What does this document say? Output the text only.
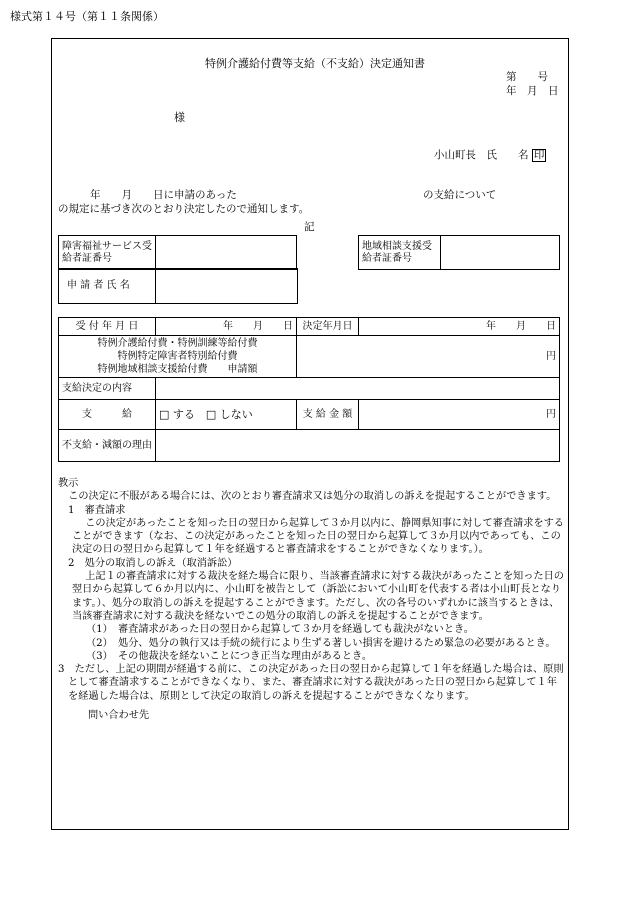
様式第１４号（第１１条関係）
特例介護給付費等支給（不支給）決定通知書
第　　号
年　月　日
様
小山町長　氏　　名 印
年　　月　　日に申請のあった	の支給について
の規定に基づき次のとおり決定したので通知します。
記
障害福祉サービス受給者証番号	
		地域相談支援受給者証番号	
申 請 者 氏 名	
受 付 年 月 日	年　　月　　日	決定年月日	年　　月　　日

特例介護給付費・特例訓練等給付費
特例特定障害者特別給付費
特例地域相談支援給付費　　申請額		円	
支給決定の内容			
支　　　給	□ する　□ しない	支 給 金 額	円
不支給・減額の理由			

教示

この決定に不服がある場合には、次のとおり審査請求又は処分の取消しの訴えを提起することができます。

1　審査請求

この決定があったことを知った日の翌日から起算して３か月以内に、静岡県知事に対して審査請求をすることができます（なお、この決定があったことを知った日の翌日から起算して３か月以内であっても、この決定の日の翌日から起算して１年を経過すると審査請求をすることができなくなります。）。

2　処分の取消しの訴え（取消訴訟）

上記１の審査請求に対する裁決を経た場合に限り、当該審査請求に対する裁決があったことを知った日の翌日から起算して６か月以内に、小山町を被告として（訴訟において小山町を代表する者は小山町長となります。）、処分の取消しの訴えを提起することができます。ただし、次の各号のいずれかに該当するときは、当該審査請求に対する裁決を経ないでこの処分の取消しの訴えを提起することができます。

（1）　審査請求があった日の翌日から起算して３か月を経過しても裁決がないとき。

（2）　処分、処分の執行又は手続の続行により生ずる著しい損害を避けるため緊急の必要があるとき。

（3）　その他裁決を経ないことにつき正当な理由があるとき。

3　ただし、上記の期間が経過する前に、この決定があった日の翌日から起算して１年を経過した場合は、原則として審査請求することができなくなり、また、審査請求に対する裁決があった日の翌日から起算して１年を経過した場合は、原則として決定の取消しの訴えを提起することができなくなります。

問い合わせ先
